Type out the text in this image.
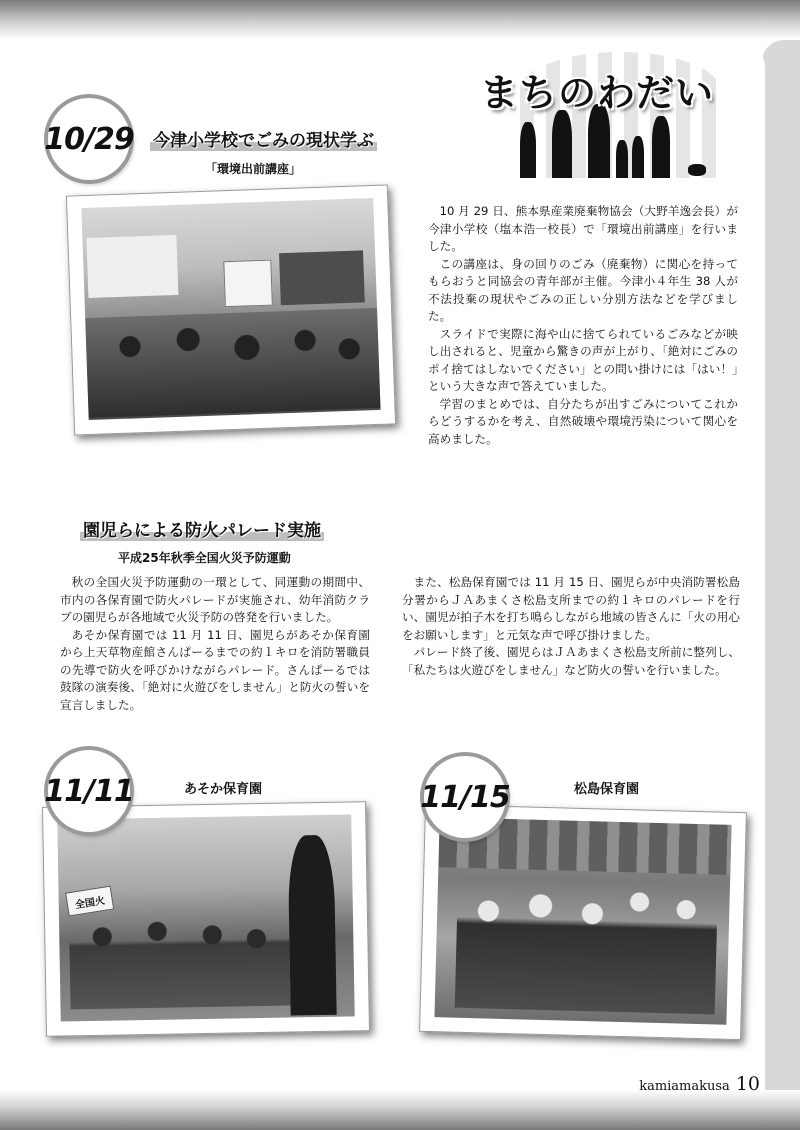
まちのわだい
10/29 今津小学校でごみの現状学ぶ
「環境出前講座」

10 月 29 日、熊本県産業廃棄物協会（大野羊逸会長）が今津小学校（塩本浩一校長）で「環境出前講座」を行いました。

この講座は、身の回りのごみ（廃棄物）に関心を持ってもらおうと同協会の青年部が主催。今津小４年生 38 人が不法投棄の現状やごみの正しい分別方法などを学びました。

スライドで実際に海や山に捨てられているごみなどが映し出されると、児童から驚きの声が上がり、「絶対にごみのポイ捨てはしないでください」との問い掛けには「はい！」という大きな声で答えていました。

学習のまとめでは、自分たちが出すごみについてこれからどうするかを考え、自然破壊や環境汚染について関心を高めました。

園児らによる防火パレード実施
平成25年秋季全国火災予防運動

秋の全国火災予防運動の一環として、同運動の期間中、市内の各保育園で防火パレードが実施され、幼年消防クラブの園児らが各地域で火災予防の啓発を行いました。

あそか保育園では 11 月 11 日、園児らがあそか保育園から上天草物産館さんぱーるまでの約１キロを消防署職員の先導で防火を呼びかけながらパレード。さんぱーるでは鼓隊の演奏後、「絶対に火遊びをしません」と防火の誓いを宣言しました。

また、松島保育園では 11 月 15 日、園児らが中央消防署松島分署からＪＡあまくさ松島支所までの約１キロのパレードを行い、園児が拍子木を打ち鳴らしながら地域の皆さんに「火の用心をお願いします」と元気な声で呼び掛けました。

パレード終了後、園児らはＪＡあまくさ松島支所前に整列し、「私たちは火遊びをしません」など防火の誓いを行いました。

全国火
11/11	あそか保育園	11/15	松島保育園
kamiamakusa 10
